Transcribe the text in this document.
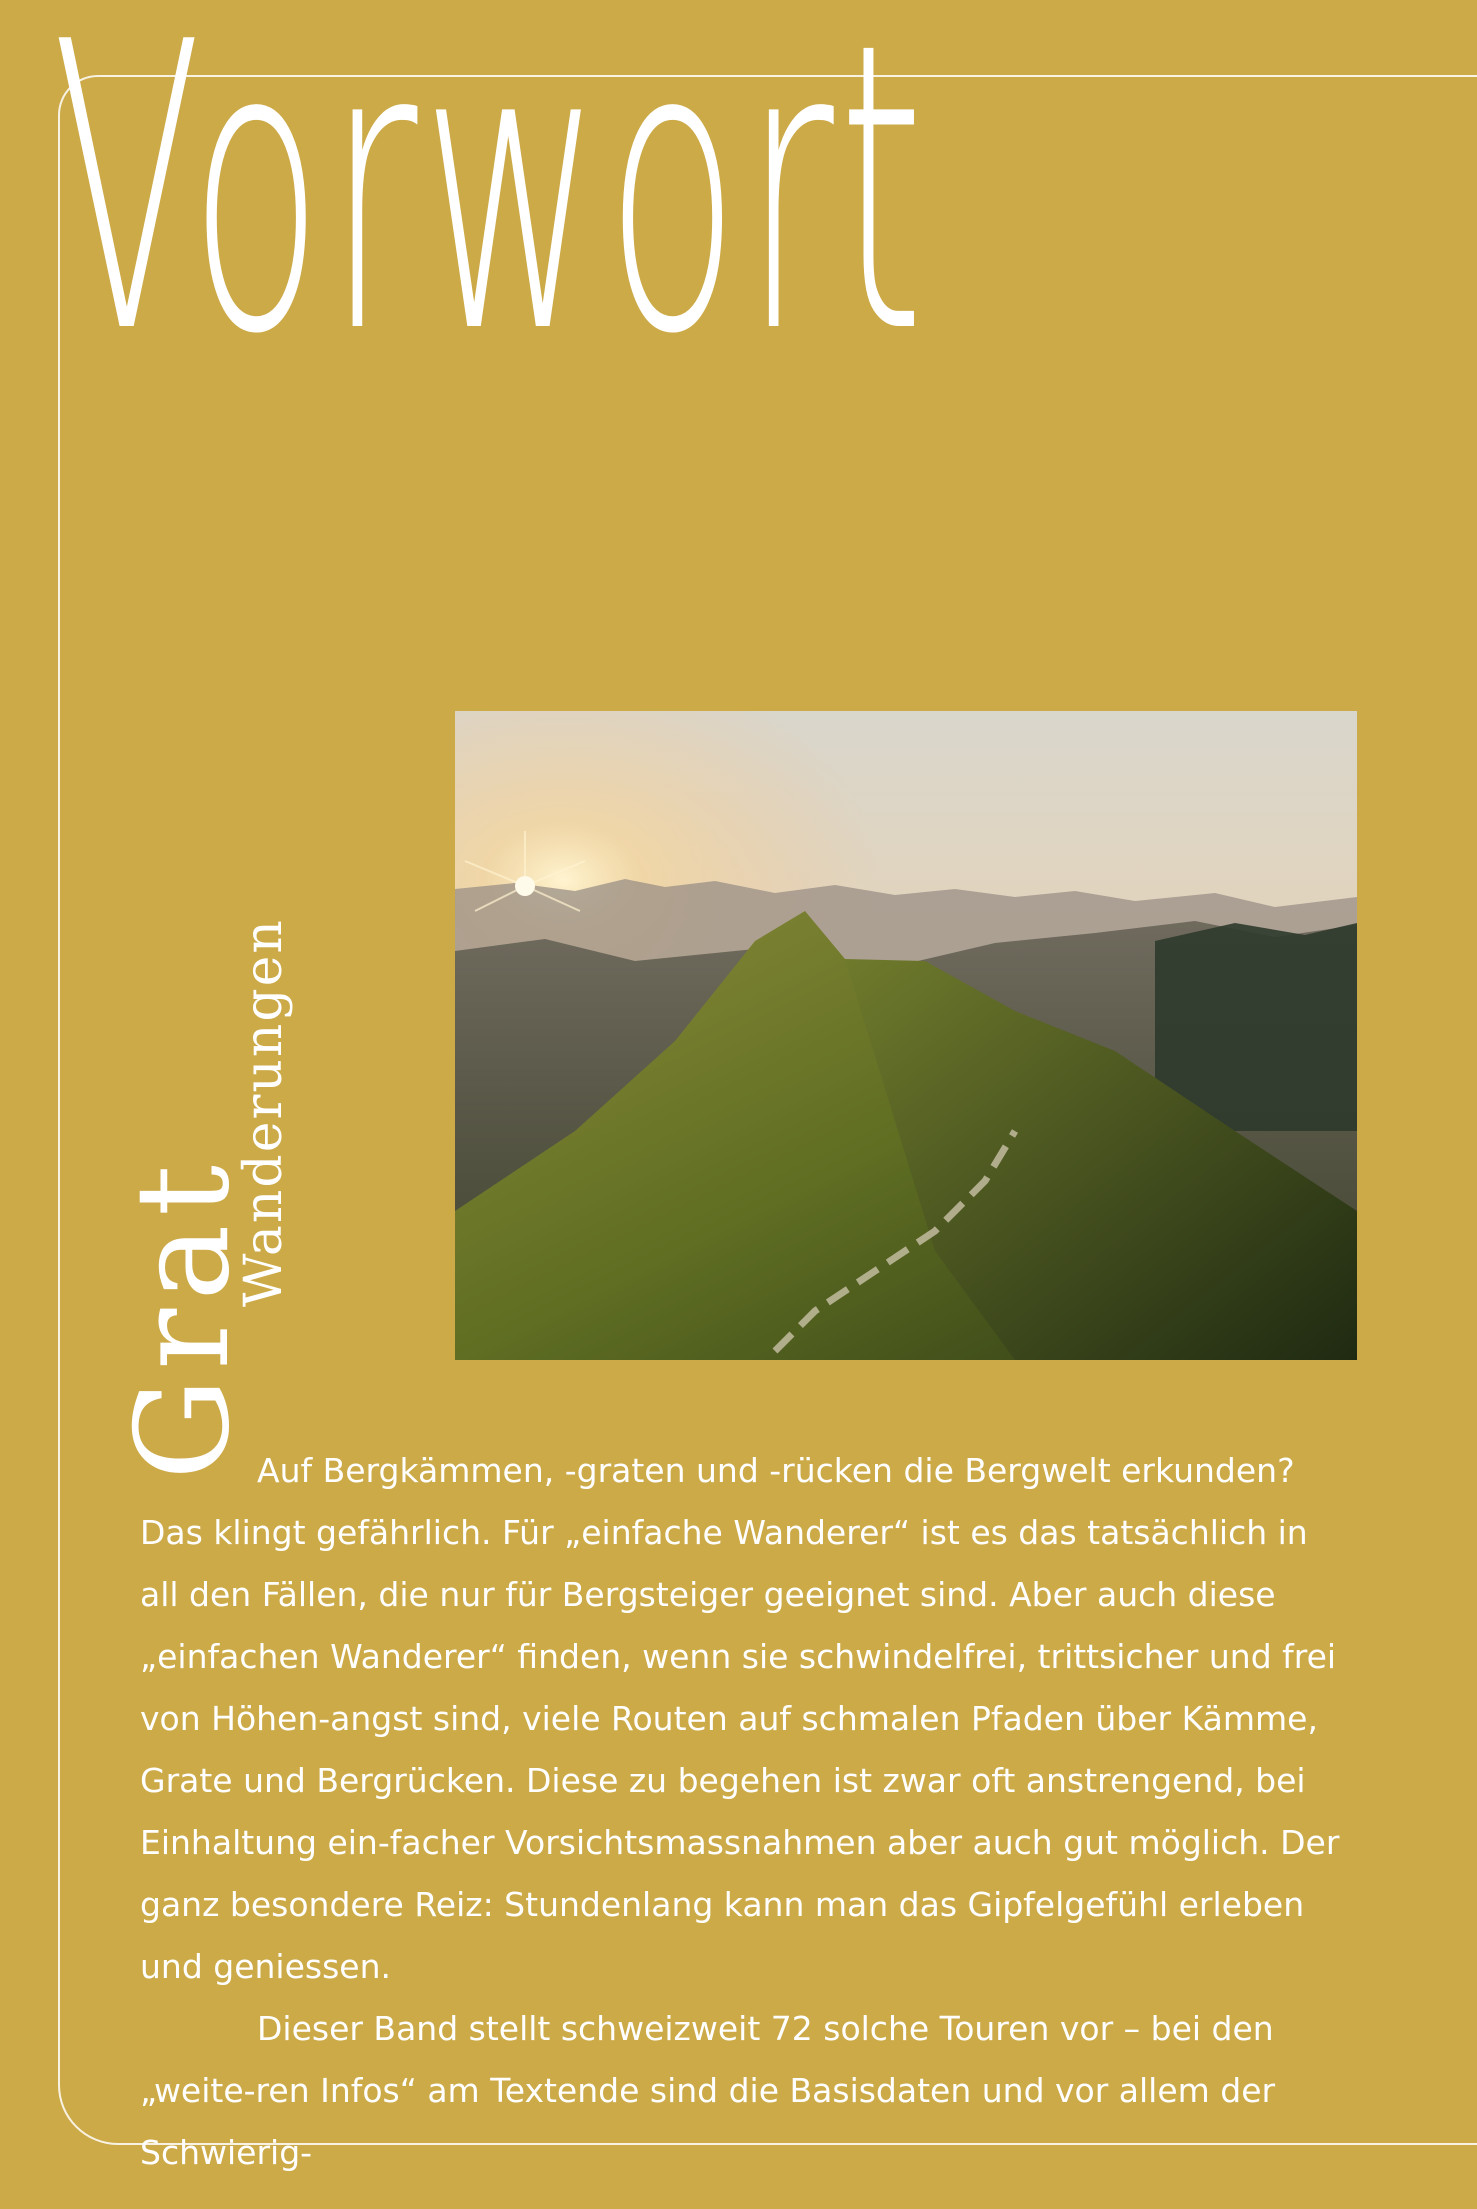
Vorwort
Grat
Wanderungen

Auf Bergkämmen, -graten und -rücken die Bergwelt erkunden? Das klingt gefährlich. Für „einfache Wanderer“ ist es das tatsächlich in all den Fällen, die nur für Bergsteiger geeignet sind. Aber auch diese „einfachen Wanderer“ finden, wenn sie schwindelfrei, trittsicher und frei von Höhen-angst sind, viele Routen auf schmalen Pfaden über Kämme, Grate und Bergrücken. Diese zu begehen ist zwar oft anstrengend, bei Einhaltung ein-facher Vorsichtsmassnahmen aber auch gut möglich. Der ganz besondere Reiz: Stundenlang kann man das Gipfelgefühl erleben und geniessen.

Dieser Band stellt schweizweit 72 solche Touren vor – bei den „weite-ren Infos“ am Textende sind die Basisdaten und vor allem der Schwierig-
